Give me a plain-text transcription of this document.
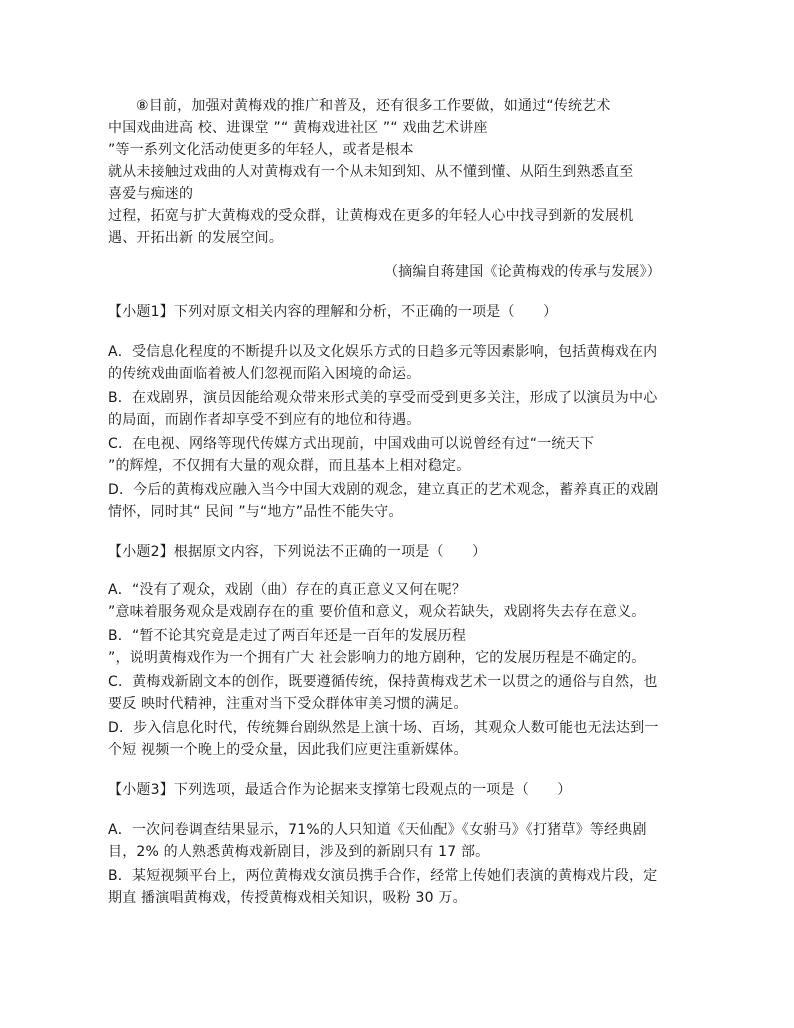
⑧目前，加强对黄梅戏的推广和普及，还有很多工作要做，如通过“传统艺术

中国戏曲进高 校、进课堂 ”“ 黄梅戏进社区 ”“ 戏曲艺术讲座

”等一系列文化活动使更多的年轻人，或者是根本

就从未接触过戏曲的人对黄梅戏有一个从未知到知、从不懂到懂、从陌生到熟悉直至

喜爱与痴迷的

过程，拓宽与扩大黄梅戏的受众群，让黄梅戏在更多的年轻人心中找寻到新的发展机

遇、开拓出新 的发展空间。

（摘编自蒋建国《论黄梅戏的传承与发展》）

【小题1】下列对原文相关内容的理解和分析，不正确的一项是（　　）

A．受信息化程度的不断提升以及文化娱乐方式的日趋多元等因素影响，包括黄梅戏在内

的传统戏曲面临着被人们忽视而陷入困境的命运。

B．在戏剧界，演员因能给观众带来形式美的享受而受到更多关注，形成了以演员为中心

的局面，而剧作者却享受不到应有的地位和待遇。

C．在电视、网络等现代传媒方式出现前，中国戏曲可以说曾经有过“一统天下

”的辉煌，不仅拥有大量的观众群，而且基本上相对稳定。

D．今后的黄梅戏应融入当今中国大戏剧的观念，建立真正的艺术观念，蓄养真正的戏剧

情怀，同时其“ 民间 ”与“地方”品性不能失守。

【小题2】根据原文内容，下列说法不正确的一项是（　　）

A．“没有了观众，戏剧（曲）存在的真正意义又何在呢？

”意味着服务观众是戏剧存在的重 要价值和意义，观众若缺失，戏剧将失去存在意义。

B．“暂不论其究竟是走过了两百年还是一百年的发展历程

”，说明黄梅戏作为一个拥有广大 社会影响力的地方剧种，它的发展历程是不确定的。

C．黄梅戏新剧文本的创作，既要遵循传统，保持黄梅戏艺术一以贯之的通俗与自然，也

要反 映时代精神，注重对当下受众群体审美习惯的满足。

D．步入信息化时代，传统舞台剧纵然是上演十场、百场，其观众人数可能也无法达到一

个短 视频一个晚上的受众量，因此我们应更注重新媒体。

【小题3】下列选项，最适合作为论据来支撑第七段观点的一项是（　　）

A．一次问卷调查结果显示，71%的人只知道《天仙配》《女驸马》《打猪草》等经典剧

目，2% 的人熟悉黄梅戏新剧目，涉及到的新剧只有 17 部。

B．某短视频平台上，两位黄梅戏女演员携手合作，经常上传她们表演的黄梅戏片段，定

期直 播演唱黄梅戏，传授黄梅戏相关知识，吸粉 30 万。
